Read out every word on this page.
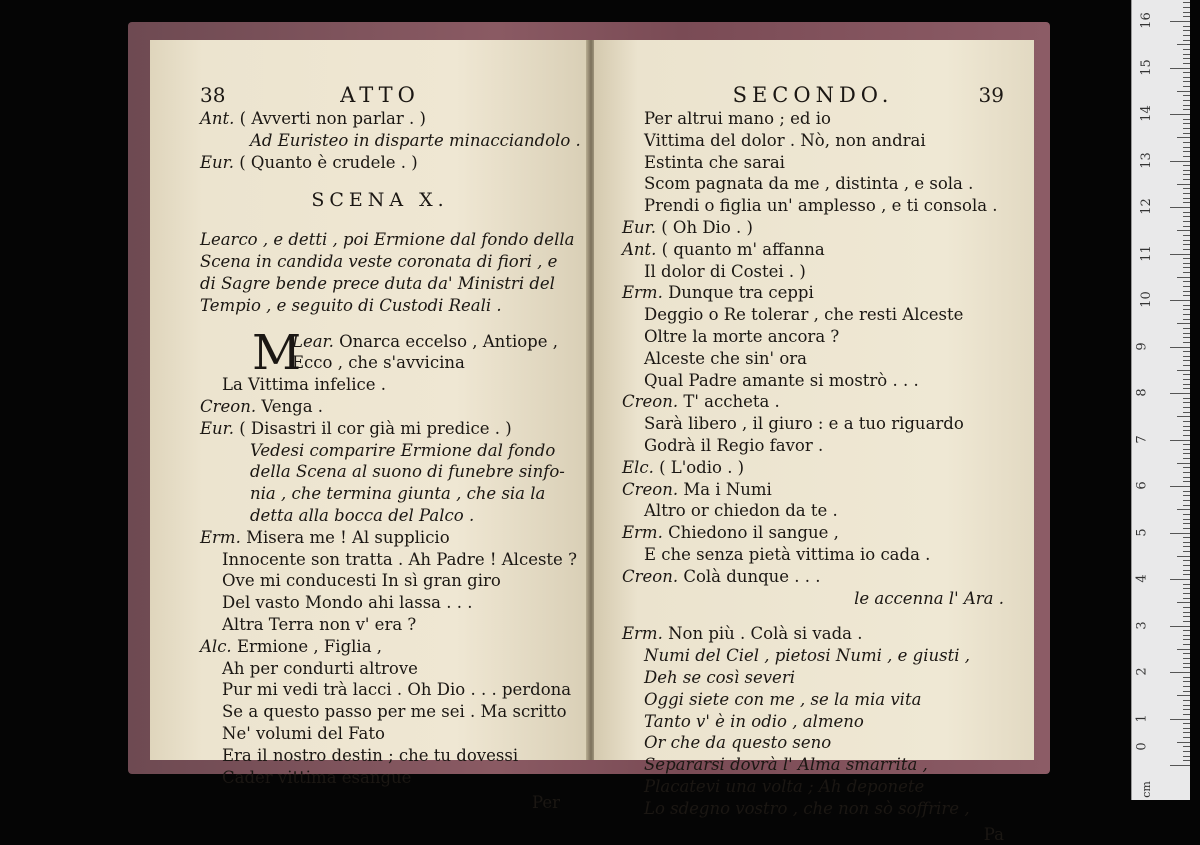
38	ATTO
Ant. ( Avverti non parlar . )
Ad Euristeo in disparte minacciandolo .
Eur. ( Quanto è crudele . )
SCENA X.
Learco , e detti , poi Ermione dal fondo della
Scena in candida veste coronata di fiori , e
di Sagre bende prece duta da' Ministri del
Tempio , e seguito di Custodi Reali .
M
Lear. Onarca eccelso , Antiope ,
Ecco , che s'avvicina
La Vittima infelice .
Creon. Venga .
Eur. ( Disastri il cor già mi predice . )
Vedesi comparire Ermione dal fondo
della Scena al suono di funebre sinfo-
nia , che termina giunta , che sia la
detta alla bocca del Palco .
Erm. Misera me ! Al supplicio
Innocente son tratta . Ah Padre ! Alceste ?
Ove mi conducesti In sì gran giro
Del vasto Mondo ahi lassa . . .
Altra Terra non v' era ?
Alc. Ermione , Figlia ,
Ah per condurti altrove
Pur mi vedi trà lacci . Oh Dio . . . perdona
Se a questo passo per me sei . Ma scritto
Ne' volumi del Fato
Era il nostro destin ; che tu dovessi
Cader vittima esangue
Per
SECONDO.	39
Per altrui mano ; ed io
Vittima del dolor . Nò, non andrai
Estinta che sarai
Scom pagnata da me , distinta , e sola .
Prendi o figlia un' amplesso , e ti consola .
Eur. ( Oh Dio . )
Ant. ( quanto m' affanna
Il dolor di Costei . )
Erm. Dunque tra ceppi
Deggio o Re tolerar , che resti Alceste
Oltre la morte ancora ?
Alceste che sin' ora
Qual Padre amante si mostrò . . .
Creon. T' accheta .
Sarà libero , il giuro : e a tuo riguardo
Godrà il Regio favor .
Elc. ( L'odio . )
Creon. Ma i Numi
Altro or chiedon da te .
Erm. Chiedono il sangue ,
E che senza pietà vittima io cada .
Creon. Colà dunque . . .
le accenna l' Ara .
Erm. Non più . Colà si vada .
Numi del Ciel , pietosi Numi , e giusti ,
Deh se così severi
Oggi siete con me , se la mia vita
Tanto v' è in odio , almeno
Or che da questo seno
Separarsi dovrà l' Alma smarrita ,
Placatevi una volta ; Ah deponete
Lo sdegno vostro , che non sò soffrire ,
Pa
cm
1
2
3
4
5
6
7
8
9
10
11
12
13
14
15
16
0
